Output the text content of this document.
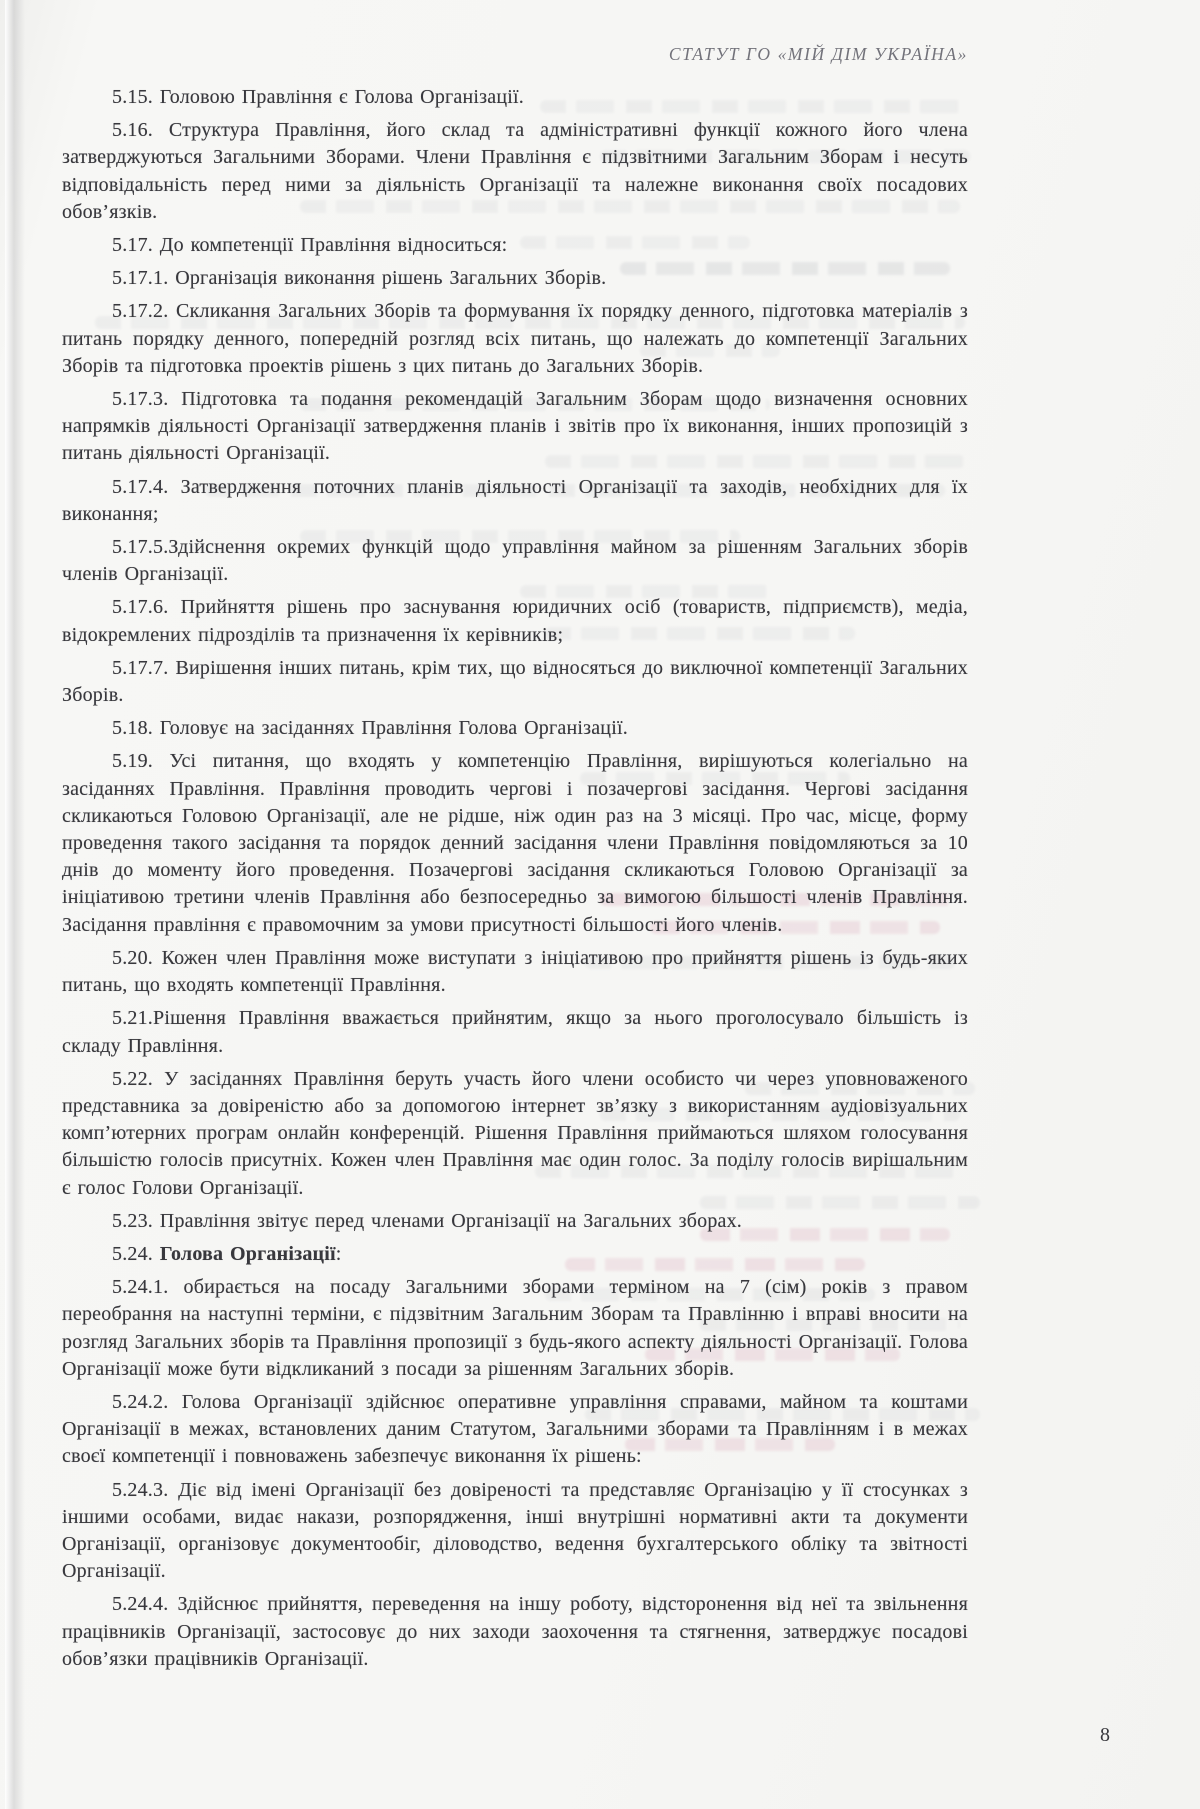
СТАТУТ ГО «МІЙ ДІМ УКРАЇНА»

5.15. Головою Правління є Голова Організації.

5.16. Структура Правління, його склад та адміністративні функції кожного його члена затверджуються Загальними Зборами. Члени Правління є підзвітними Загальним Зборам і несуть відповідальність перед ними за діяльність Організації та належне виконання своїх посадових обов’язків.

5.17. До компетенції Правління відноситься:

5.17.1. Організація виконання рішень Загальних Зборів.

5.17.2. Скликання Загальних Зборів та формування їх порядку денного, підготовка матеріалів з питань порядку денного, попередній розгляд всіх питань, що належать до компетенції Загальних Зборів та підготовка проектів рішень з цих питань до Загальних Зборів.

5.17.3. Підготовка та подання рекомендацій Загальним Зборам щодо визначення основних напрямків діяльності Організації затвердження планів і звітів про їх виконання, інших пропозицій з питань діяльності Організації.

5.17.4. Затвердження поточних планів діяльності Організації та заходів, необхідних для їх виконання;

5.17.5.Здійснення окремих функцій щодо управління майном за рішенням Загальних зборів членів Організації.

5.17.6. Прийняття рішень про заснування юридичних осіб (товариств, підприємств), медіа, відокремлених підрозділів та призначення їх керівників;

5.17.7. Вирішення інших питань, крім тих, що відносяться до виключної компетенції Загальних Зборів.

5.18. Головує на засіданнях Правління Голова Організації.

5.19. Усі питання, що входять у компетенцію Правління, вирішуються колегіально на засіданнях Правління. Правління проводить чергові і позачергові засідання. Чергові засідання скликаються Головою Організації, але не рідше, ніж один раз на 3 місяці. Про час, місце, форму проведення такого засідання та порядок денний засідання члени Правління повідомляються за 10 днів до моменту його проведення. Позачергові засідання скликаються Головою Організації за ініціативою третини членів Правління або безпосередньо за вимогою більшості членів Правління. Засідання правління є правомочним за умови присутності більшості його членів.

5.20. Кожен член Правління може виступати з ініціативою про прийняття рішень із будь-яких питань, що входять компетенції Правління.

5.21.Рішення Правління вважається прийнятим, якщо за нього проголосувало більшість із складу Правління.

5.22. У засіданнях Правління беруть участь його члени особисто чи через уповноваженого представника за довіреністю або за допомогою інтернет зв’язку з використанням аудіовізуальних комп’ютерних програм онлайн конференцій. Рішення Правління приймаються шляхом голосування більшістю голосів присутніх. Кожен член Правління має один голос. За поділу голосів вирішальним є голос Голови Організації.

5.23. Правління звітує перед членами Організації на Загальних зборах.

5.24. Голова Організації:

5.24.1. обирається на посаду Загальними зборами терміном на 7 (сім) років з правом переобрання на наступні терміни, є підзвітним Загальним Зборам та Правлінню і вправі вносити на розгляд Загальних зборів та Правління пропозиції з будь-якого аспекту діяльності Організації. Голова Організації може бути відкликаний з посади за рішенням Загальних зборів.

5.24.2. Голова Організації здійснює оперативне управління справами, майном та коштами Організації в межах, встановлених даним Статутом, Загальними зборами та Правлінням і в межах своєї компетенції і повноважень забезпечує виконання їх рішень:

5.24.3. Діє від імені Організації без довіреності та представляє Організацію у її стосунках з іншими особами, видає накази, розпорядження, інші внутрішні нормативні акти та документи Організації, організовує документообіг, діловодство, ведення бухгалтерського обліку та звітності Організації.

5.24.4. Здійснює прийняття, переведення на іншу роботу, відсторонення від неї та звільнення працівників Організації, застосовує до них заходи заохочення та стягнення, затверджує посадові обов’язки працівників Організації.

8
